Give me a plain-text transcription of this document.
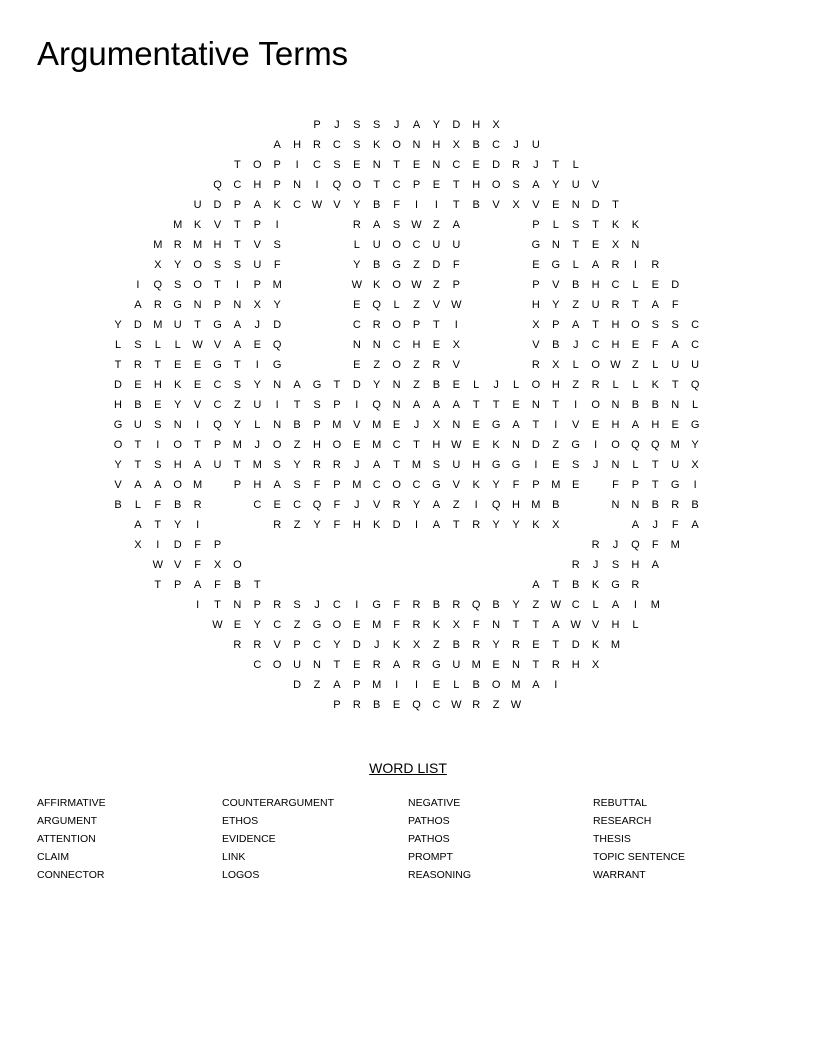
Argumentative Terms
P	J	S	S	J	A	Y	D	H	X
A	H	R	C	S	K	O	N	H	X	B	C	J	U
T	O	P	I	C	S	E	N	T	E	N	C	E	D	R	J	T	L
Q	C	H	P	N	I	Q	O	T	C	P	E	T	H	O	S	A	Y	U	V
U	D	P	A	K	C W	V	Y	B	F	I	I	T	B	V	X	V	E	N	D	T
M	K	V	T	P	I	R	A	S	W	Z	A	P	L	S	T	K	K
M	R	M	H	T	V	S	L	U	O	C	U	U	G	N	T	E	X	N
X	Y	O	S	S	U	F	Y	B	G	Z	D	F	E	G	L	A	R	I	R
I	Q	S	O	T	I	P	M	W	K	O W	Z	P	P	V	B	H	C	L	E	D
A	R	G	N	P	N	X	Y	E	Q	L	Z	V	W	H	Y	Z	U	R	T	A	F
Y	D	M	U	T	G	A	J	D	C	R	O	P	T	I	X	P	A	T	H	O	S	S	C
L	S	L	L	W	V	A	E	Q	N	N	C	H	E	X	V	B	J	C	H	E	F	A	C
T	R	T	E	E	G	T	I	G	E	Z	O	Z	R	V	R	X	L	O W	Z	L	U	U
D	E	H	K	E	C	S	Y	N	A	G	T	D	Y	N	Z	B	E	L	J	L	O	H	Z	R	L	L	K	T	Q
H	B	E	Y	V	C	Z	U	I	T	S	P	I	Q	N	A	A	A	T	T	E	N	T	I	O	N	B	B	N	L
G	U	S	N	I	Q	Y	L	N	B	P	M	V	M	E	J	X	N	E	G	A	T	I	V	E	H	A	H	E	G
O	T	I	O	T	P	M	J	O	Z	H	O	E	M	C	T	H W	E	K	N	D	Z	G	I	O	Q	Q	M	Y
Y	T	S	H	A	U	T	M	S	Y	R	R	J	A	T	M	S	U	H	G	G	I	E	S	J	N	L	T	U	X
V	A	A	O	M	P	H	A	S	F	P	M	C	O	C	G	V	K	Y	F	P	M	E	F	P	T	G	I
B	L	F	B	R	C	E	C	Q	F	J	V	R	Y	A	Z	I	Q	H	M	B	N	N	B	R	B
A	T	Y	I	R	Z	Y	F	H	K	D	I	A	T	R	Y	Y	K	X	A	J	F	A
X	I	D	F	P	R	J	Q	F	M
W	V	F	X	O	R	J	S	H	A
T	P	A	F	B	T	A	T	B	K	G	R
I	T	N	P	R	S	J	C	I	G	F	R	B	R	Q	B	Y	Z	W C	L	A	I	M
W	E	Y	C	Z	G	O	E	M	F	R	K	X	F	N	T	T	A	W	V	H	L
R	R	V	P	C	Y	D	J	K	X	Z	B	R	Y	R	E	T	D	K	M
C	O	U	N	T	E	R	A	R	G	U	M	E	N	T	R	H	X
D	Z	A	P	M	I	I	E	L	B	O	M	A	I
P	R	B	E	Q	C W R	Z	W
WORD LIST
AFFIRMATIVE
ARGUMENT
ATTENTION
CLAIM
CONNECTOR
COUNTERARGUMENT
ETHOS
EVIDENCE
LINK
LOGOS
NEGATIVE
PATHOS
PATHOS
PROMPT
REASONING
REBUTTAL
RESEARCH
THESIS
TOPIC SENTENCE
WARRANT
